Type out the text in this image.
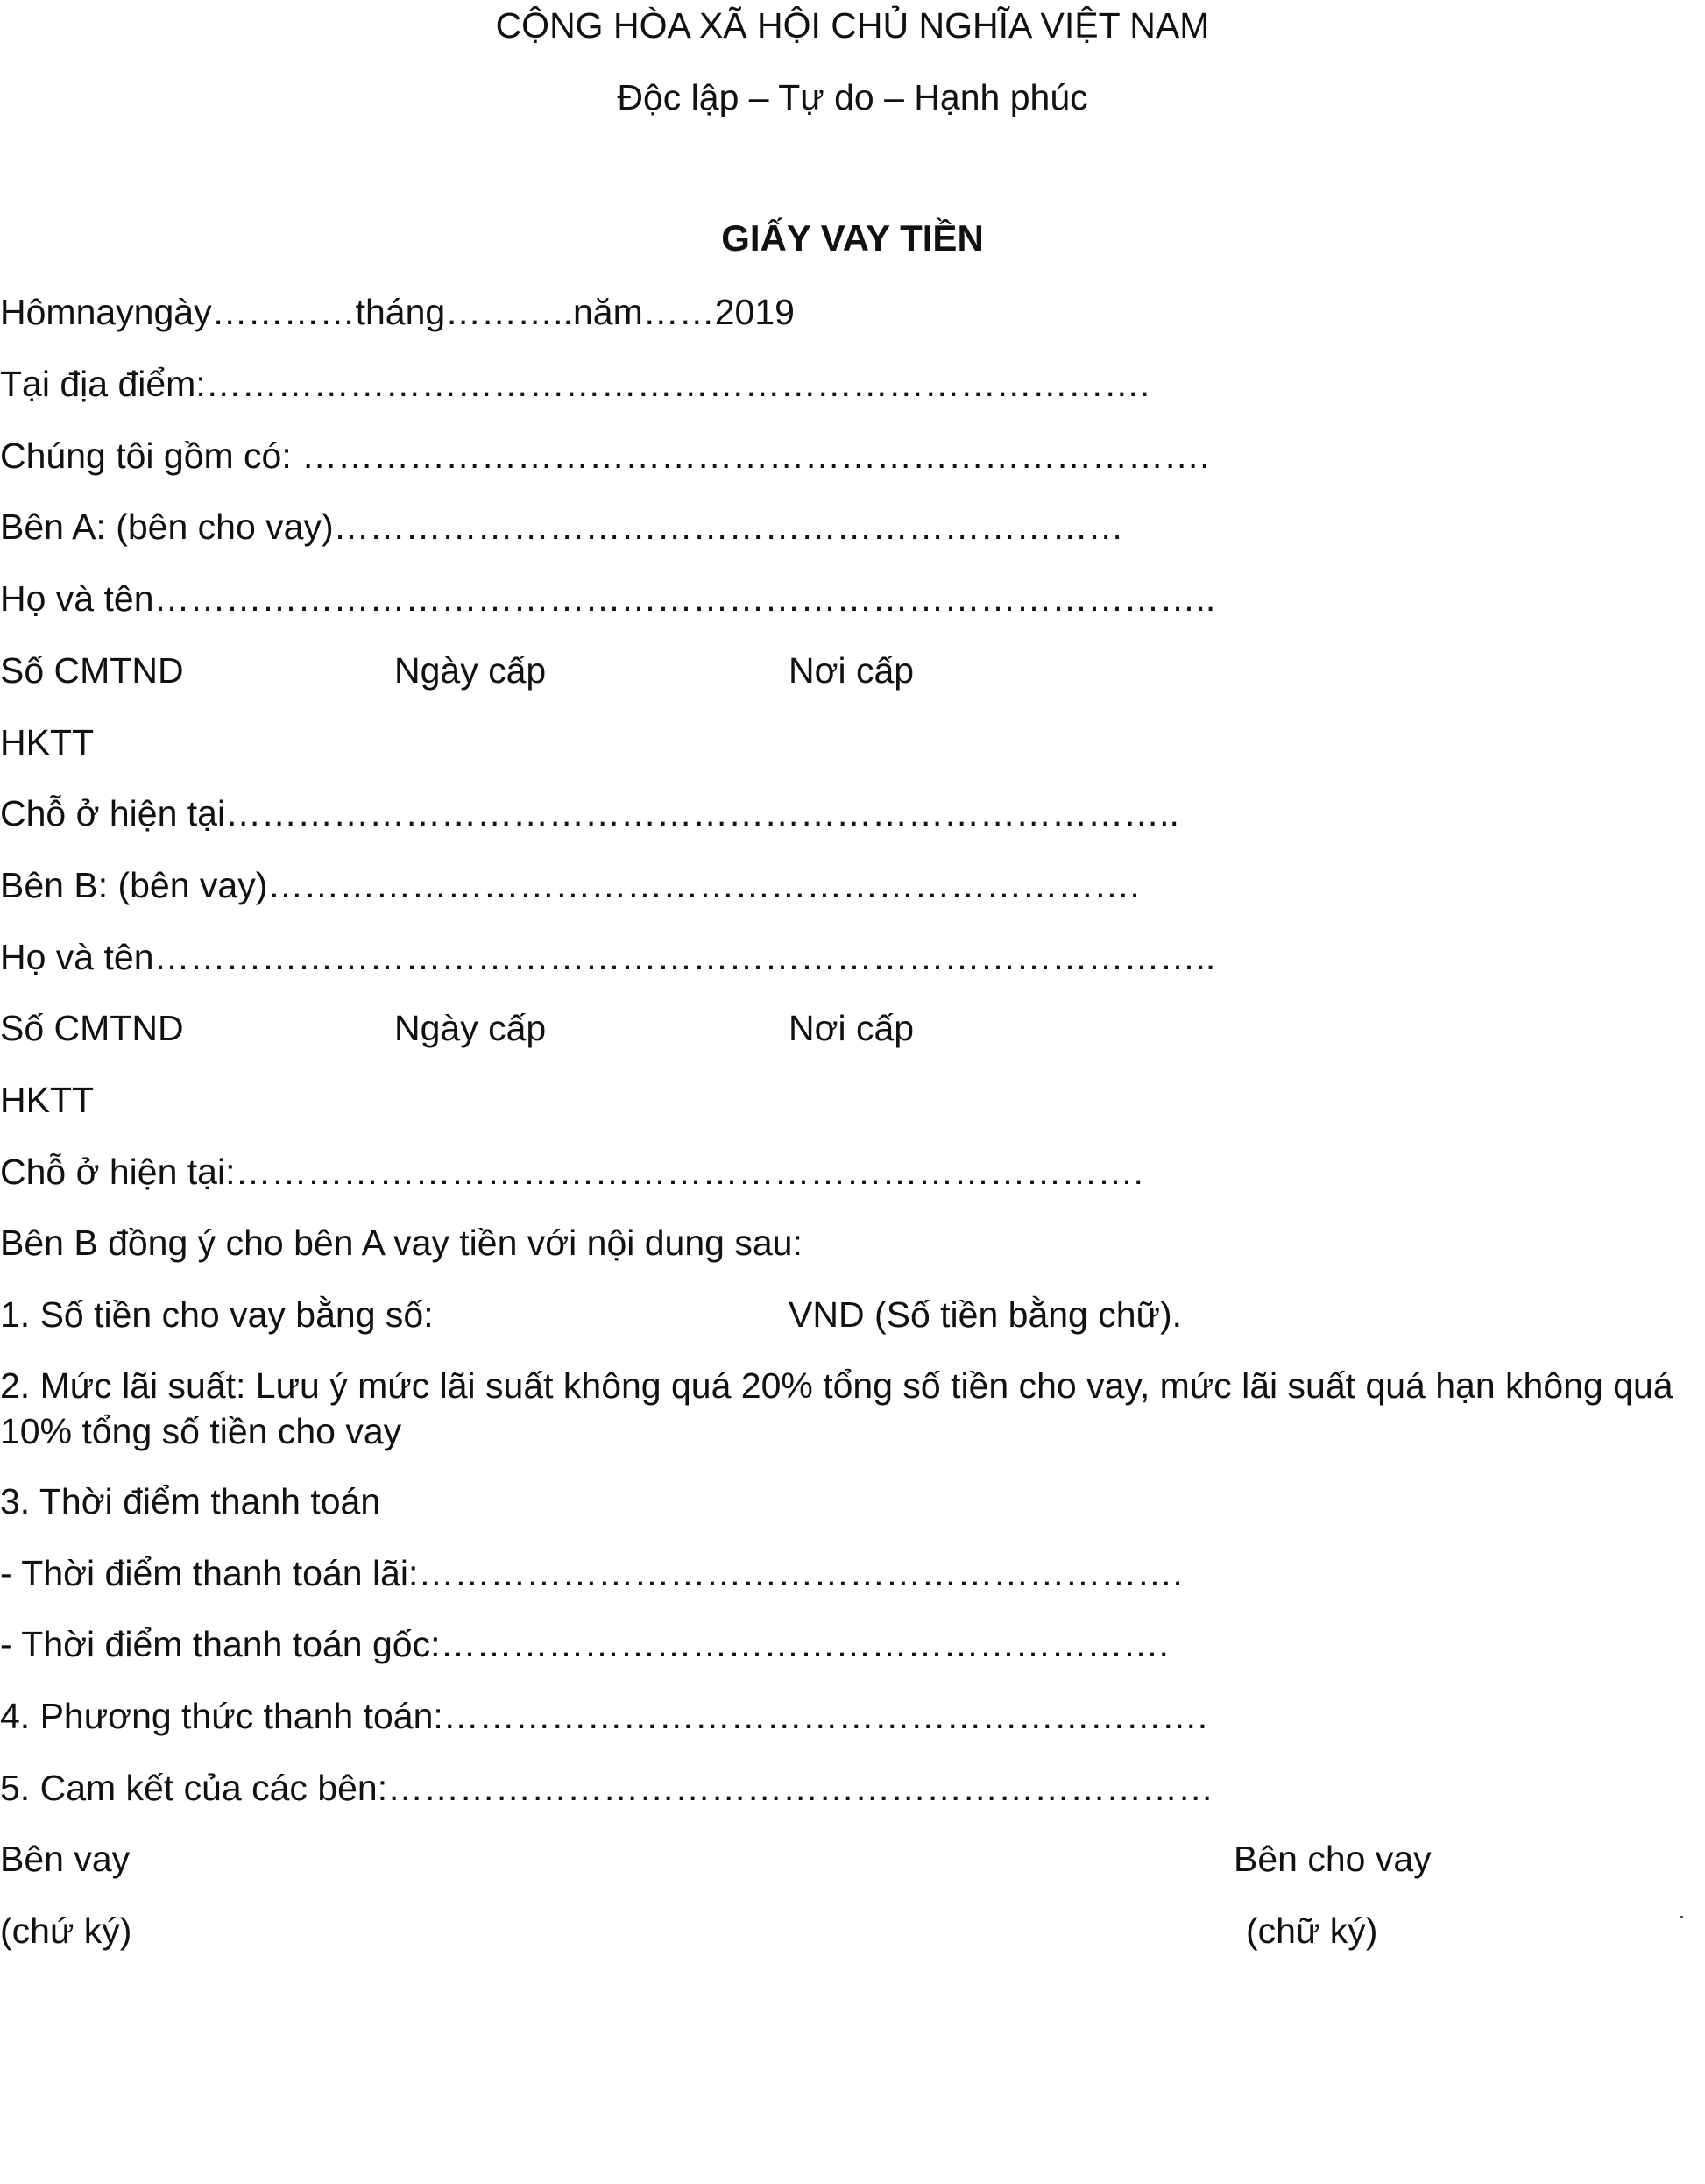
CỘNG HÒA XÃ HỘI CHỦ NGHĨA VIỆT NAM

Độc lập – Tự do – Hạnh phúc

GIẤY VAY TIỀN

Hômnayngày…………tháng………..năm……2019

Tại địa điểm:…………………………………………………………………….

Chúng tôi gồm có: ………………………………………………………………….

Bên A: (bên cho vay)…………………………………………………………

Họ và tên……………………………………………………………………………..

Số CMTND	Ngày cấp	Nơi cấp

HKTT

Chỗ ở hiện tại……………………………………………………………………..

Bên B: (bên vay)……………………………………………………………….

Họ và tên……………………………………………………………………………..

Số CMTND	Ngày cấp	Nơi cấp

HKTT

Chỗ ở hiện tại:………………………………………………………………….

Bên B đồng ý cho bên A vay tiền với nội dung sau:

1. Số tiền cho vay bằng số:	VND (Số tiền bằng chữ).

2. Mức lãi suất: Lưu ý mức lãi suất không quá 20% tổng số tiền cho vay, mức lãi suất quá hạn không quá 10% tổng số tiền cho vay

3. Thời điểm thanh toán

- Thời điểm thanh toán lãi:……………………………………………………….

- Thời điểm thanh toán gốc:…………………………………………………….

4. Phương thức thanh toán:……………………………………………………….

5. Cam kết của các bên:……………………………………………………………

Bên vay	Bên cho vay

(chứ ký)	(chữ ký)
